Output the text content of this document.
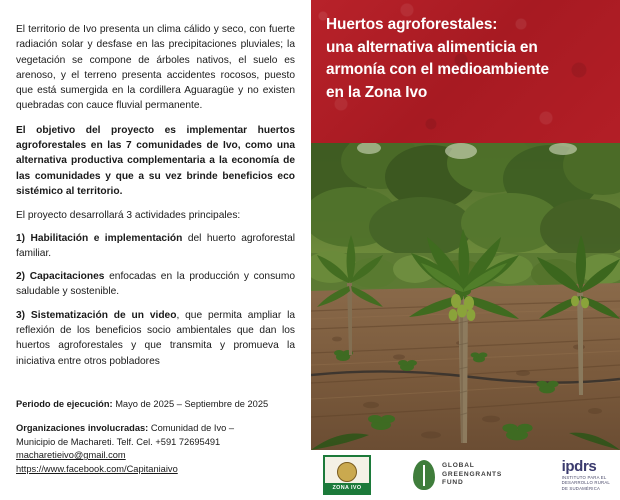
El territorio de Ivo presenta un clima cálido y seco, con fuerte radiación solar y desfase en las precipitaciones pluviales; la vegetación se compone de árboles nativos, el suelo es arenoso, y el terreno presenta accidentes rocosos, puesto que está sumergida en la cordillera Aguaragüe y no existen quebradas con cauce fluvial permanente.

El objetivo del proyecto es implementar huertos agroforestales en las 7 comunidades de Ivo, como una alternativa productiva complementaria a la economía de las comunidades y que a su vez brinde beneficios eco sistémico al territorio.

El proyecto desarrollará 3 actividades principales:

1) Habilitación e implementación del huerto agroforestal familiar.

2) Capacitaciones enfocadas en la producción y consumo saludable y sostenible.

3) Sistematización de un video, que permita ampliar la reflexión de los beneficios socio ambientales que dan los huertos agroforestales y que transmita y promueva la iniciativa entre otros pobladores

Periodo de ejecución: Mayo de 2025 – Septiembre de 2025

Organizaciones involucradas: Comunidad de Ivo –

Municipio de Machareti. Telf. Cel. +591 72695491

macharetieivo@gmail.com

https://www.facebook.com/Capitaniaivo

Huertos agroforestales:
una alternativa alimenticia en
armonía con el medioambiente
en la Zona Ivo
ZONA IVO
GLOBAL
GREENGRANTS
FUND
ipdrs
INSTITUTO PARA EL
DESARROLLO RURAL
DE SUDAMÉRICA
